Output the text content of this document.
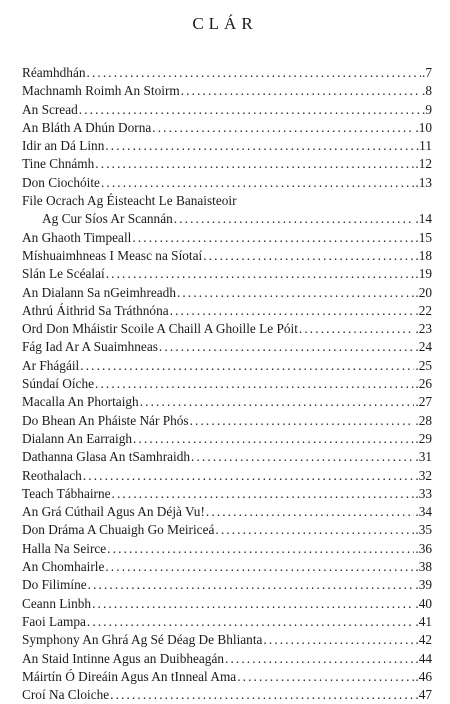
CLÁR
Réamhdhán . . .	.7
Machnamh Roimh An Stoirm . . .	.8
An Scread . . .	.9
An Bláth A Dhún Dorna . . .	.10
Idir an Dá Linn . . .	.11
Tine Chnámh . . .	.12
Don Ciochóite . . .	.13
File Ocrach Ag Éisteacht Le Banaisteoir
Ag Cur Síos Ar Scannán . . .	.14
An Ghaoth Timpeall . . .	.15
Míshuaimhneas I Measc na Síotaí . . .	.18
Slán Le Scéalaí . . .	.19
An Dialann Sa nGeimhreadh . . .	.20
Athrú Áithrid Sa Tráthnóna . . .	.22
Ord Don Mháistir Scoile A Chaill A Ghoille Le Póit . . .	.23
Fág Iad Ar A Suaimhneas . . .	.24
Ar Fhágáil . . .	.25
Súndaí Oíche . . .	.26
Macalla An Phortaigh . . .	.27
Do Bhean An Pháiste Nár Phós . . .	.28
Dialann An Earraigh . . .	.29
Dathanna Glasa An tSamhraidh . . .	.31
Reothalach . . .	.32
Teach Tábhairne . . .	.33
An Grá Cúthail Agus An Déjà Vu! . . .	.34
Don Dráma A Chuaigh Go Meiriceá . . .	.35
Halla Na Seirce . . .	.36
An Chomhairle . . .	.38
Do Filimíne . . .	.39
Ceann Linbh . . .	.40
Faoi Lampa . . .	.41
Symphony An Ghrá Ag Sé Déag De Bhlianta . . .	.42
An Staid Intinne Agus an Duibheagán . . .	.44
Máirtín Ó Direáin Agus An tInneal Ama . . .	.46
Croí Na Cloiche . . .	.47
